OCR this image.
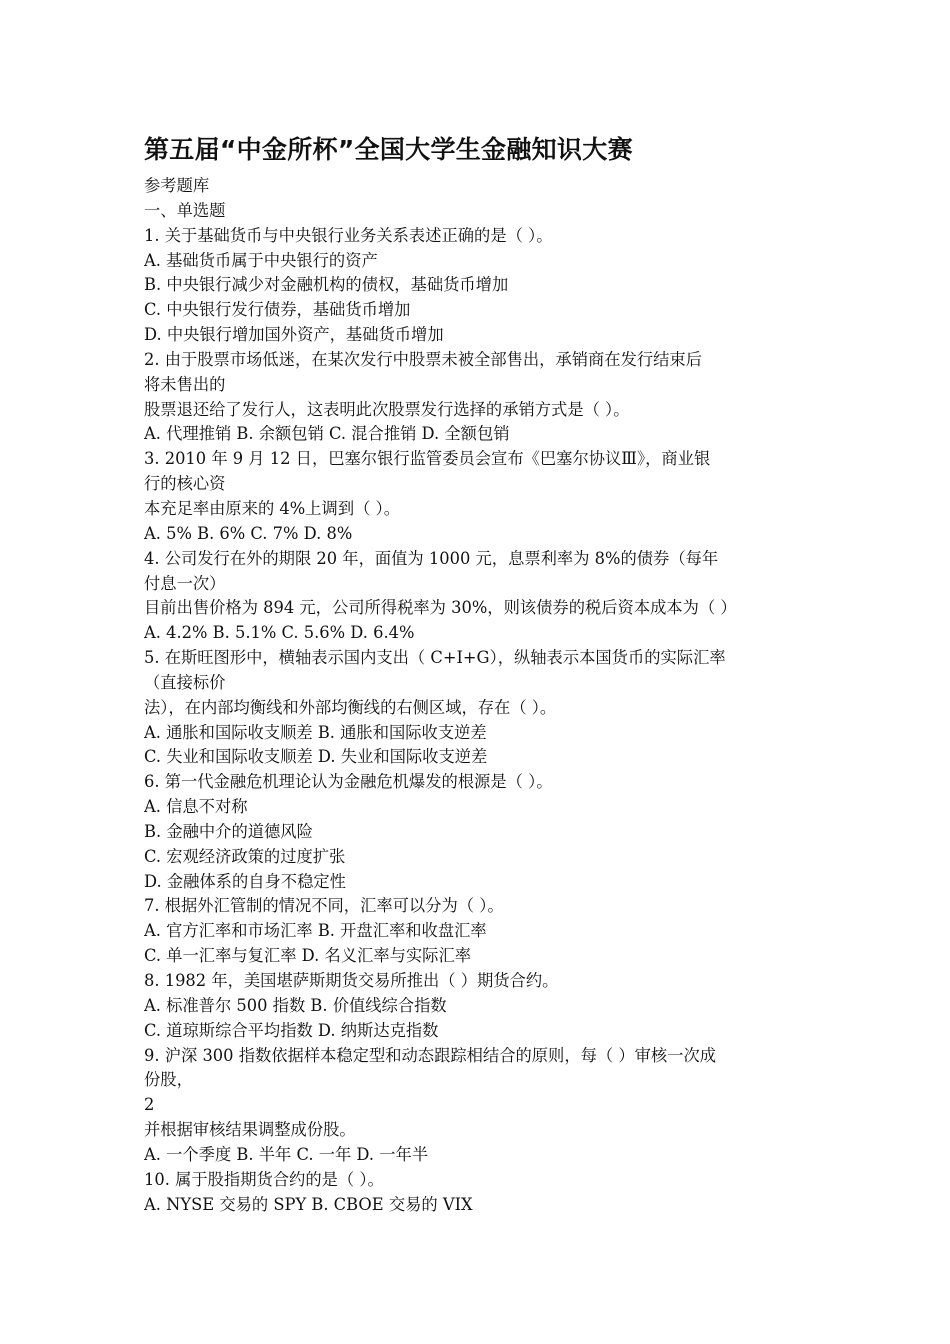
第五届“中金所杯”全国大学生金融知识大赛
参考题库
一、单选题
1. 关于基础货币与中央银行业务关系表述正确的是（ ）。
A. 基础货币属于中央银行的资产
B. 中央银行减少对金融机构的债权，基础货币增加
C. 中央银行发行债券，基础货币增加
D. 中央银行增加国外资产，基础货币增加
2. 由于股票市场低迷，在某次发行中股票未被全部售出，承销商在发行结束后
将未售出的
股票退还给了发行人，这表明此次股票发行选择的承销方式是（ ）。
A. 代理推销 B. 余额包销 C. 混合推销 D. 全额包销
3. 2010 年 9 月 12 日，巴塞尔银行监管委员会宣布《巴塞尔协议Ⅲ》，商业银
行的核心资
本充足率由原来的 4%上调到（ ）。
A. 5% B. 6% C. 7% D. 8%
4. 公司发行在外的期限 20 年，面值为 1000 元，息票利率为 8%的债券（每年
付息一次）
目前出售价格为 894 元，公司所得税率为 30%，则该债券的税后资本成本为（ ）
A. 4.2% B. 5.1% C. 5.6% D. 6.4%
5. 在斯旺图形中，横轴表示国内支出（ C+I+G），纵轴表示本国货币的实际汇率
（直接标价
法），在内部均衡线和外部均衡线的右侧区域，存在（ ）。
A. 通胀和国际收支顺差 B. 通胀和国际收支逆差
C. 失业和国际收支顺差 D. 失业和国际收支逆差
6. 第一代金融危机理论认为金融危机爆发的根源是（ ）。
A. 信息不对称
B. 金融中介的道德风险
C. 宏观经济政策的过度扩张
D. 金融体系的自身不稳定性
7. 根据外汇管制的情况不同，汇率可以分为（ ）。
A. 官方汇率和市场汇率 B. 开盘汇率和收盘汇率
C. 单一汇率与复汇率 D. 名义汇率与实际汇率
8. 1982 年，美国堪萨斯期货交易所推出（ ）期货合约。
A. 标准普尔 500 指数 B. 价值线综合指数
C. 道琼斯综合平均指数 D. 纳斯达克指数
9. 沪深 300 指数依据样本稳定型和动态跟踪相结合的原则，每（ ）审核一次成
份股，
2
并根据审核结果调整成份股。
A. 一个季度 B. 半年 C. 一年 D. 一年半
10. 属于股指期货合约的是（ ）。
A. NYSE 交易的 SPY B. CBOE 交易的 VIX
